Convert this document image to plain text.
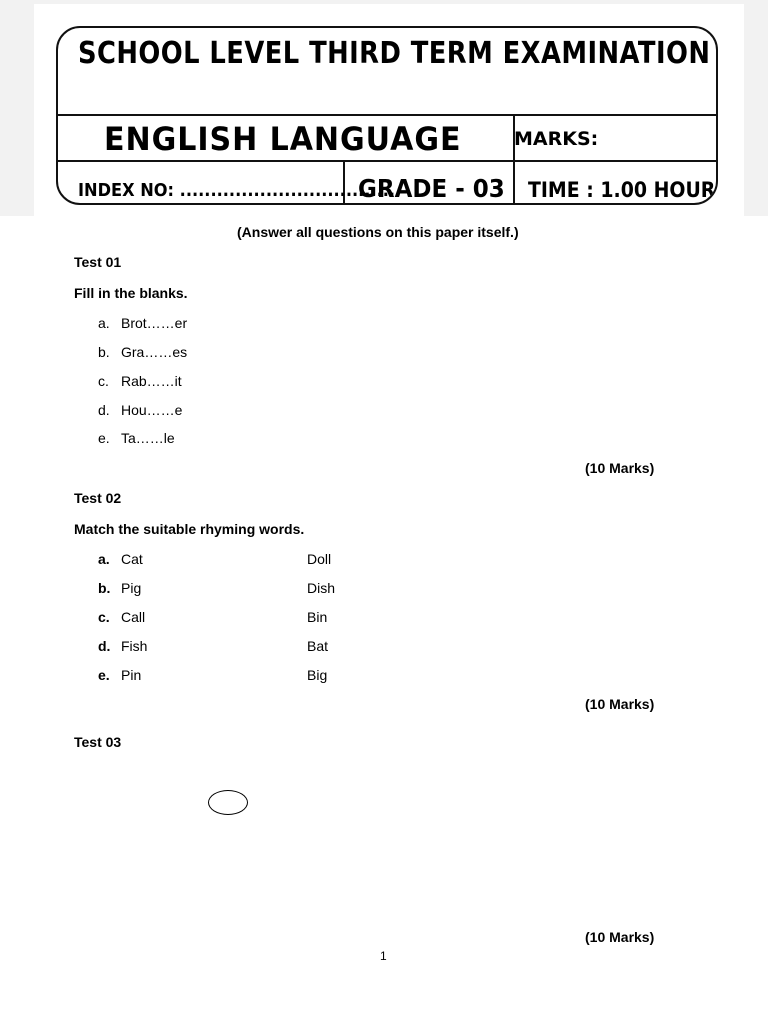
SCHOOL LEVEL THIRD TERM EXAMINATION
ENGLISH LANGUAGE	MARKS:
INDEX NO: ...................................
GRADE - 03 TIME : 1.00 HOUR
(Answer all questions on this paper itself.)
Test 01
Fill in the blanks.
a. Brot……er
b. Gra……es
c. Rab……it
d. Hou……e
e. Ta……le
(10 Marks)
Test 02
Match the suitable rhyming words.
a. Cat	Doll
b. Pig	Dish
c. Call	Bin
d. Fish	Bat
e. Pin	Big
(10 Marks)
Test 03
(10 Marks)
1
